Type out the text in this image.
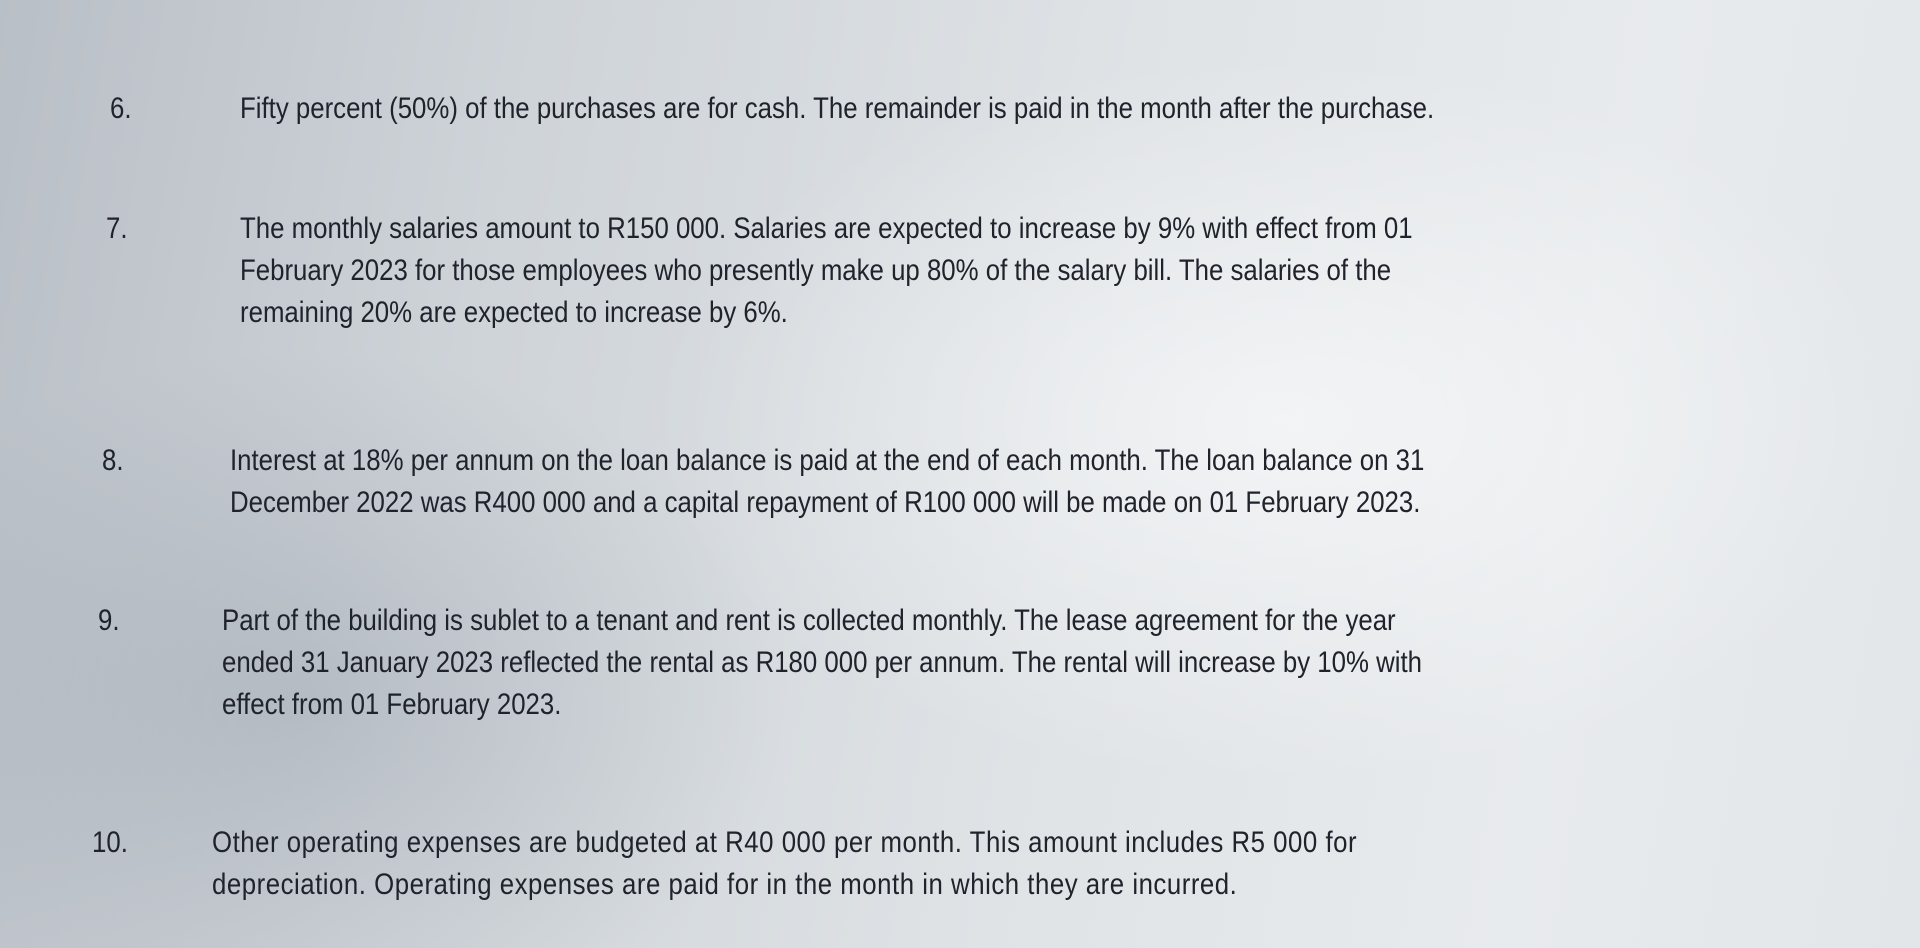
6.	Fifty percent (50%) of the purchases are for cash. The remainder is paid in the month after the purchase.
7.	The monthly salaries amount to R150 000. Salaries are expected to increase by 9% with effect from 01
February 2023 for those employees who presently make up 80% of the salary bill. The salaries of the
remaining 20% are expected to increase by 6%.
8.	Interest at 18% per annum on the loan balance is paid at the end of each month. The loan balance on 31
December 2022 was R400 000 and a capital repayment of R100 000 will be made on 01 February 2023.
9.	Part of the building is sublet to a tenant and rent is collected monthly. The lease agreement for the year
ended 31 January 2023 reflected the rental as R180 000 per annum. The rental will increase by 10% with
effect from 01 February 2023.
10.	Other operating expenses are budgeted at R40 000 per month. This amount includes R5 000 for
depreciation. Operating expenses are paid for in the month in which they are incurred.
